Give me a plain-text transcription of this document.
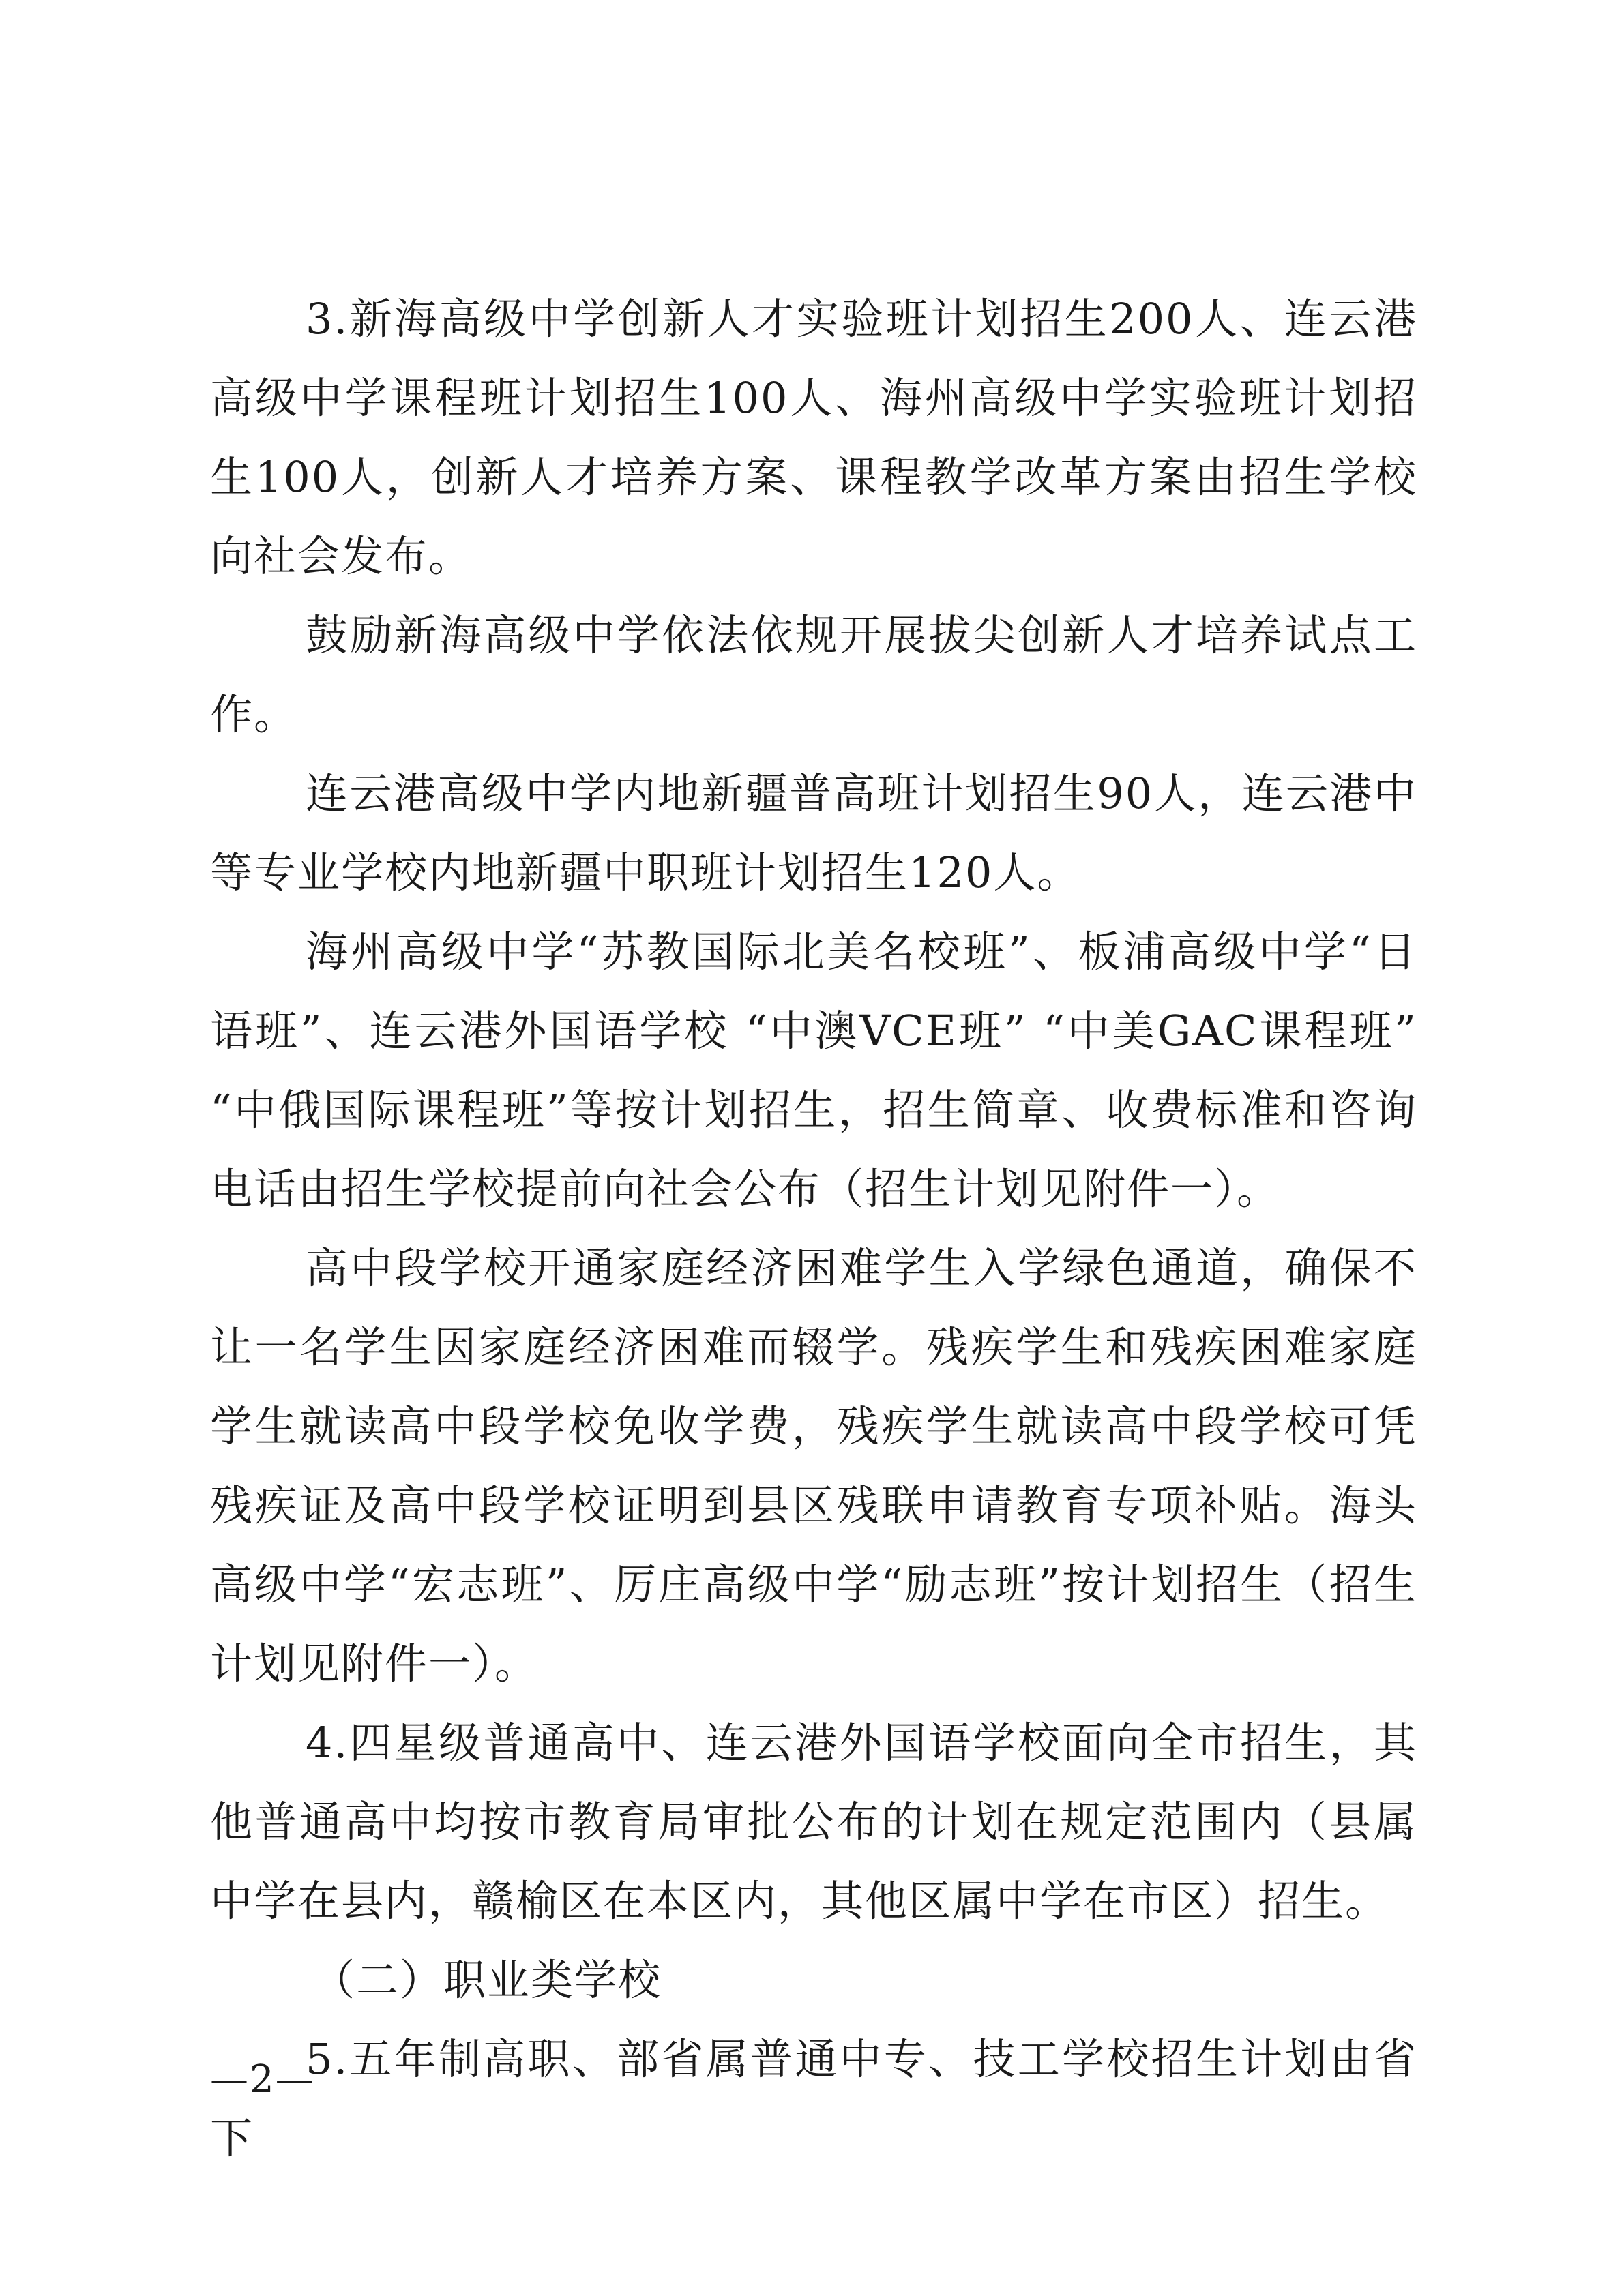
3.新海高级中学创新人才实验班计划招生200人、连云港高级中学课程班计划招生100人、海州高级中学实验班计划招生100人，创新人才培养方案、课程教学改革方案由招生学校向社会发布。

鼓励新海高级中学依法依规开展拔尖创新人才培养试点工作。

连云港高级中学内地新疆普高班计划招生90人，连云港中等专业学校内地新疆中职班计划招生120人。

海州高级中学“苏教国际北美名校班”、板浦高级中学“日语班”、连云港外国语学校 “中澳VCE班” “中美GAC课程班” “中俄国际课程班”等按计划招生，招生简章、收费标准和咨询电话由招生学校提前向社会公布（招生计划见附件一）。

高中段学校开通家庭经济困难学生入学绿色通道，确保不让一名学生因家庭经济困难而辍学。残疾学生和残疾困难家庭学生就读高中段学校免收学费，残疾学生就读高中段学校可凭残疾证及高中段学校证明到县区残联申请教育专项补贴。海头高级中学“宏志班”、厉庄高级中学“励志班”按计划招生（招生计划见附件一）。

4.四星级普通高中、连云港外国语学校面向全市招生，其他普通高中均按市教育局审批公布的计划在规定范围内（县属中学在县内，赣榆区在本区内，其他区属中学在市区）招生。

（二）职业类学校

5.五年制高职、部省属普通中专、技工学校招生计划由省下

—2—
